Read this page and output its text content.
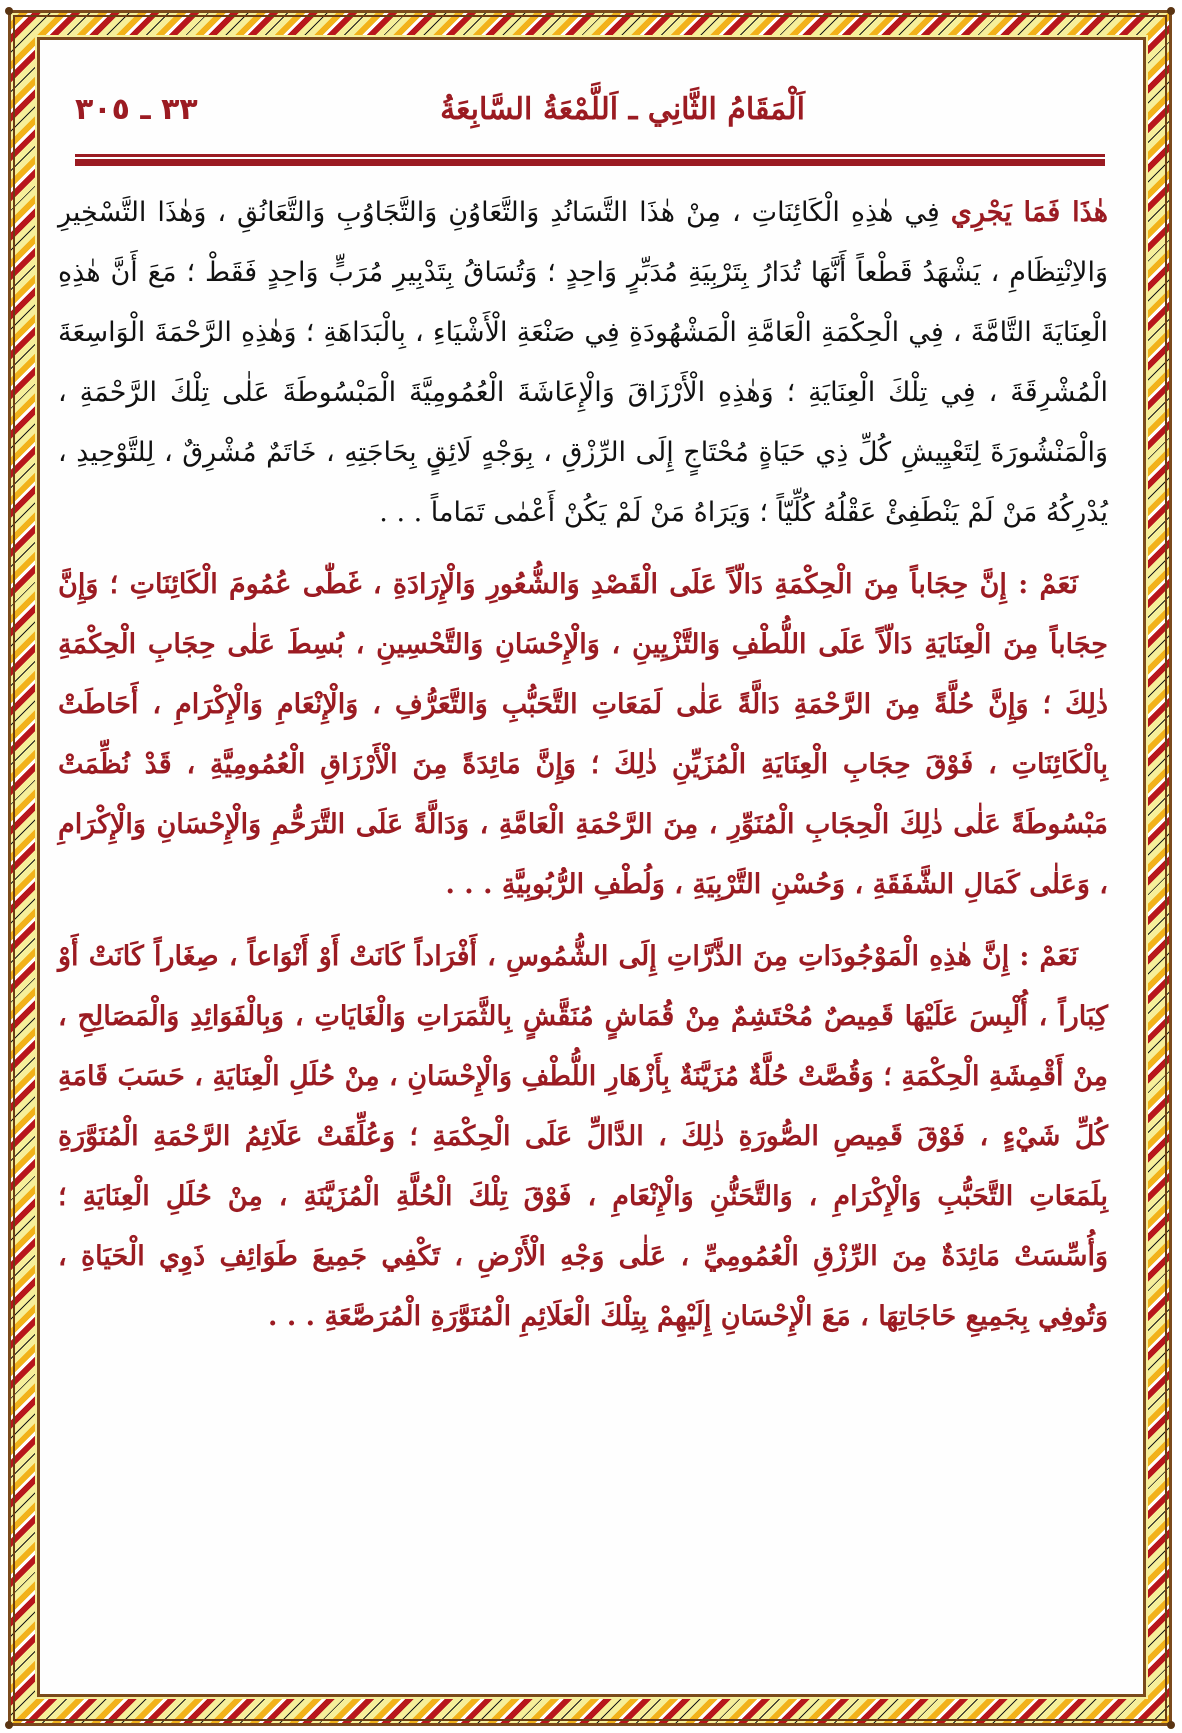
اَلْمَقَامُ الثَّانِي ـ اَللَّمْعَةُ السَّابِعَةُ
٣٣ ـ ٣٠٥

هٰذَا فَمَا يَجْرِي فِي هٰذِهِ الْكَائِنَاتِ ، مِنْ هٰذَا التَّسَانُدِ وَالتَّعَاوُنِ وَالتَّجَاوُبِ وَالتَّعَانُقِ ، وَهٰذَا التَّسْخِيرِ وَالاِنْتِظَامِ ، يَشْهَدُ قَطْعاً أَنَّهَا تُدَارُ بِتَرْبِيَةِ مُدَبِّرٍ وَاحِدٍ ؛ وَتُسَاقُ بِتَدْبِيرِ مُرَبٍّ وَاحِدٍ فَقَطْ ؛ مَعَ أَنَّ هٰذِهِ الْعِنَايَةَ التَّامَّةَ ، فِي الْحِكْمَةِ الْعَامَّةِ الْمَشْهُودَةِ فِي صَنْعَةِ الْأَشْيَاءِ ، بِالْبَدَاهَةِ ؛ وَهٰذِهِ الرَّحْمَةَ الْوَاسِعَةَ الْمُشْرِقَةَ ، فِي تِلْكَ الْعِنَايَةِ ؛ وَهٰذِهِ الْأَرْزَاقَ وَالْإِعَاشَةَ الْعُمُومِيَّةَ الْمَبْسُوطَةَ عَلٰى تِلْكَ الرَّحْمَةِ ، وَالْمَنْشُورَةَ لِتَعْيِيشِ كُلِّ ذِي حَيَاةٍ مُحْتَاجٍ إِلَى الرِّزْقِ ، بِوَجْهٍ لَائِقٍ بِحَاجَتِهِ ، خَاتَمٌ مُشْرِقٌ ، لِلتَّوْحِيدِ ، يُدْرِكُهُ مَنْ لَمْ يَنْطَفِئْ عَقْلُهُ كُلِّيّاً ؛ وَيَرَاهُ مَنْ لَمْ يَكُنْ أَعْمٰى تَمَاماً . . .

نَعَمْ : إِنَّ حِجَاباً مِنَ الْحِكْمَةِ دَالّاً عَلَى الْقَصْدِ وَالشُّعُورِ وَالْإِرَادَةِ ، غَطّٰى عُمُومَ الْكَائِنَاتِ ؛ وَإِنَّ حِجَاباً مِنَ الْعِنَايَةِ دَالّاً عَلَى اللُّطْفِ وَالتَّزْيِينِ ، وَالْإِحْسَانِ وَالتَّحْسِينِ ، بُسِطَ عَلٰى حِجَابِ الْحِكْمَةِ ذٰلِكَ ؛ وَإِنَّ حُلَّةً مِنَ الرَّحْمَةِ دَالَّةً عَلٰى لَمَعَاتِ التَّحَبُّبِ وَالتَّعَرُّفِ ، وَالْإِنْعَامِ وَالْإِكْرَامِ ، أَحَاطَتْ بِالْكَائِنَاتِ ، فَوْقَ حِجَابِ الْعِنَايَةِ الْمُزَيِّنِ ذٰلِكَ ؛ وَإِنَّ مَائِدَةً مِنَ الْأَرْزَاقِ الْعُمُومِيَّةِ ، قَدْ نُظِّمَتْ مَبْسُوطَةً عَلٰى ذٰلِكَ الْحِجَابِ الْمُنَوِّرِ ، مِنَ الرَّحْمَةِ الْعَامَّةِ ، وَدَالَّةً عَلَى التَّرَحُّمِ وَالْإِحْسَانِ وَالْإِكْرَامِ ، وَعَلٰى كَمَالِ الشَّفَقَةِ ، وَحُسْنِ التَّرْبِيَةِ ، وَلُطْفِ الرُّبُوبِيَّةِ . . .

نَعَمْ : إِنَّ هٰذِهِ الْمَوْجُودَاتِ مِنَ الذَّرَّاتِ إِلَى الشُّمُوسِ ، أَفْرَاداً كَانَتْ أَوْ أَنْوَاعاً ، صِغَاراً كَانَتْ أَوْ كِبَاراً ، أُلْبِسَ عَلَيْهَا قَمِيصٌ مُحْتَشِمٌ مِنْ قُمَاشٍ مُنَقَّشٍ بِالثَّمَرَاتِ وَالْغَايَاتِ ، وَبِالْفَوَائِدِ وَالْمَصَالِحِ ، مِنْ أَقْمِشَةِ الْحِكْمَةِ ؛ وَقُصَّتْ حُلَّةٌ مُزَيَّنَةٌ بِأَزْهَارِ اللُّطْفِ وَالْإِحْسَانِ ، مِنْ حُلَلِ الْعِنَايَةِ ، حَسَبَ قَامَةِ كُلِّ شَيْءٍ ، فَوْقَ قَمِيصِ الصُّورَةِ ذٰلِكَ ، الدَّالِّ عَلَى الْحِكْمَةِ ؛ وَعُلِّقَتْ عَلَائِمُ الرَّحْمَةِ الْمُنَوَّرَةِ بِلَمَعَاتِ التَّحَبُّبِ وَالْإِكْرَامِ ، وَالتَّحَنُّنِ وَالْإِنْعَامِ ، فَوْقَ تِلْكَ الْحُلَّةِ الْمُزَيَّنَةِ ، مِنْ حُلَلِ الْعِنَايَةِ ؛ وَأُسِّسَتْ مَائِدَةٌ مِنَ الرِّزْقِ الْعُمُومِيِّ ، عَلٰى وَجْهِ الْأَرْضِ ، تَكْفِي جَمِيعَ طَوَائِفِ ذَوِي الْحَيَاةِ ، وَتُوفِي بِجَمِيعِ حَاجَاتِهَا ، مَعَ الْإِحْسَانِ إِلَيْهِمْ بِتِلْكَ الْعَلَائِمِ الْمُنَوَّرَةِ الْمُرَصَّعَةِ . . .
